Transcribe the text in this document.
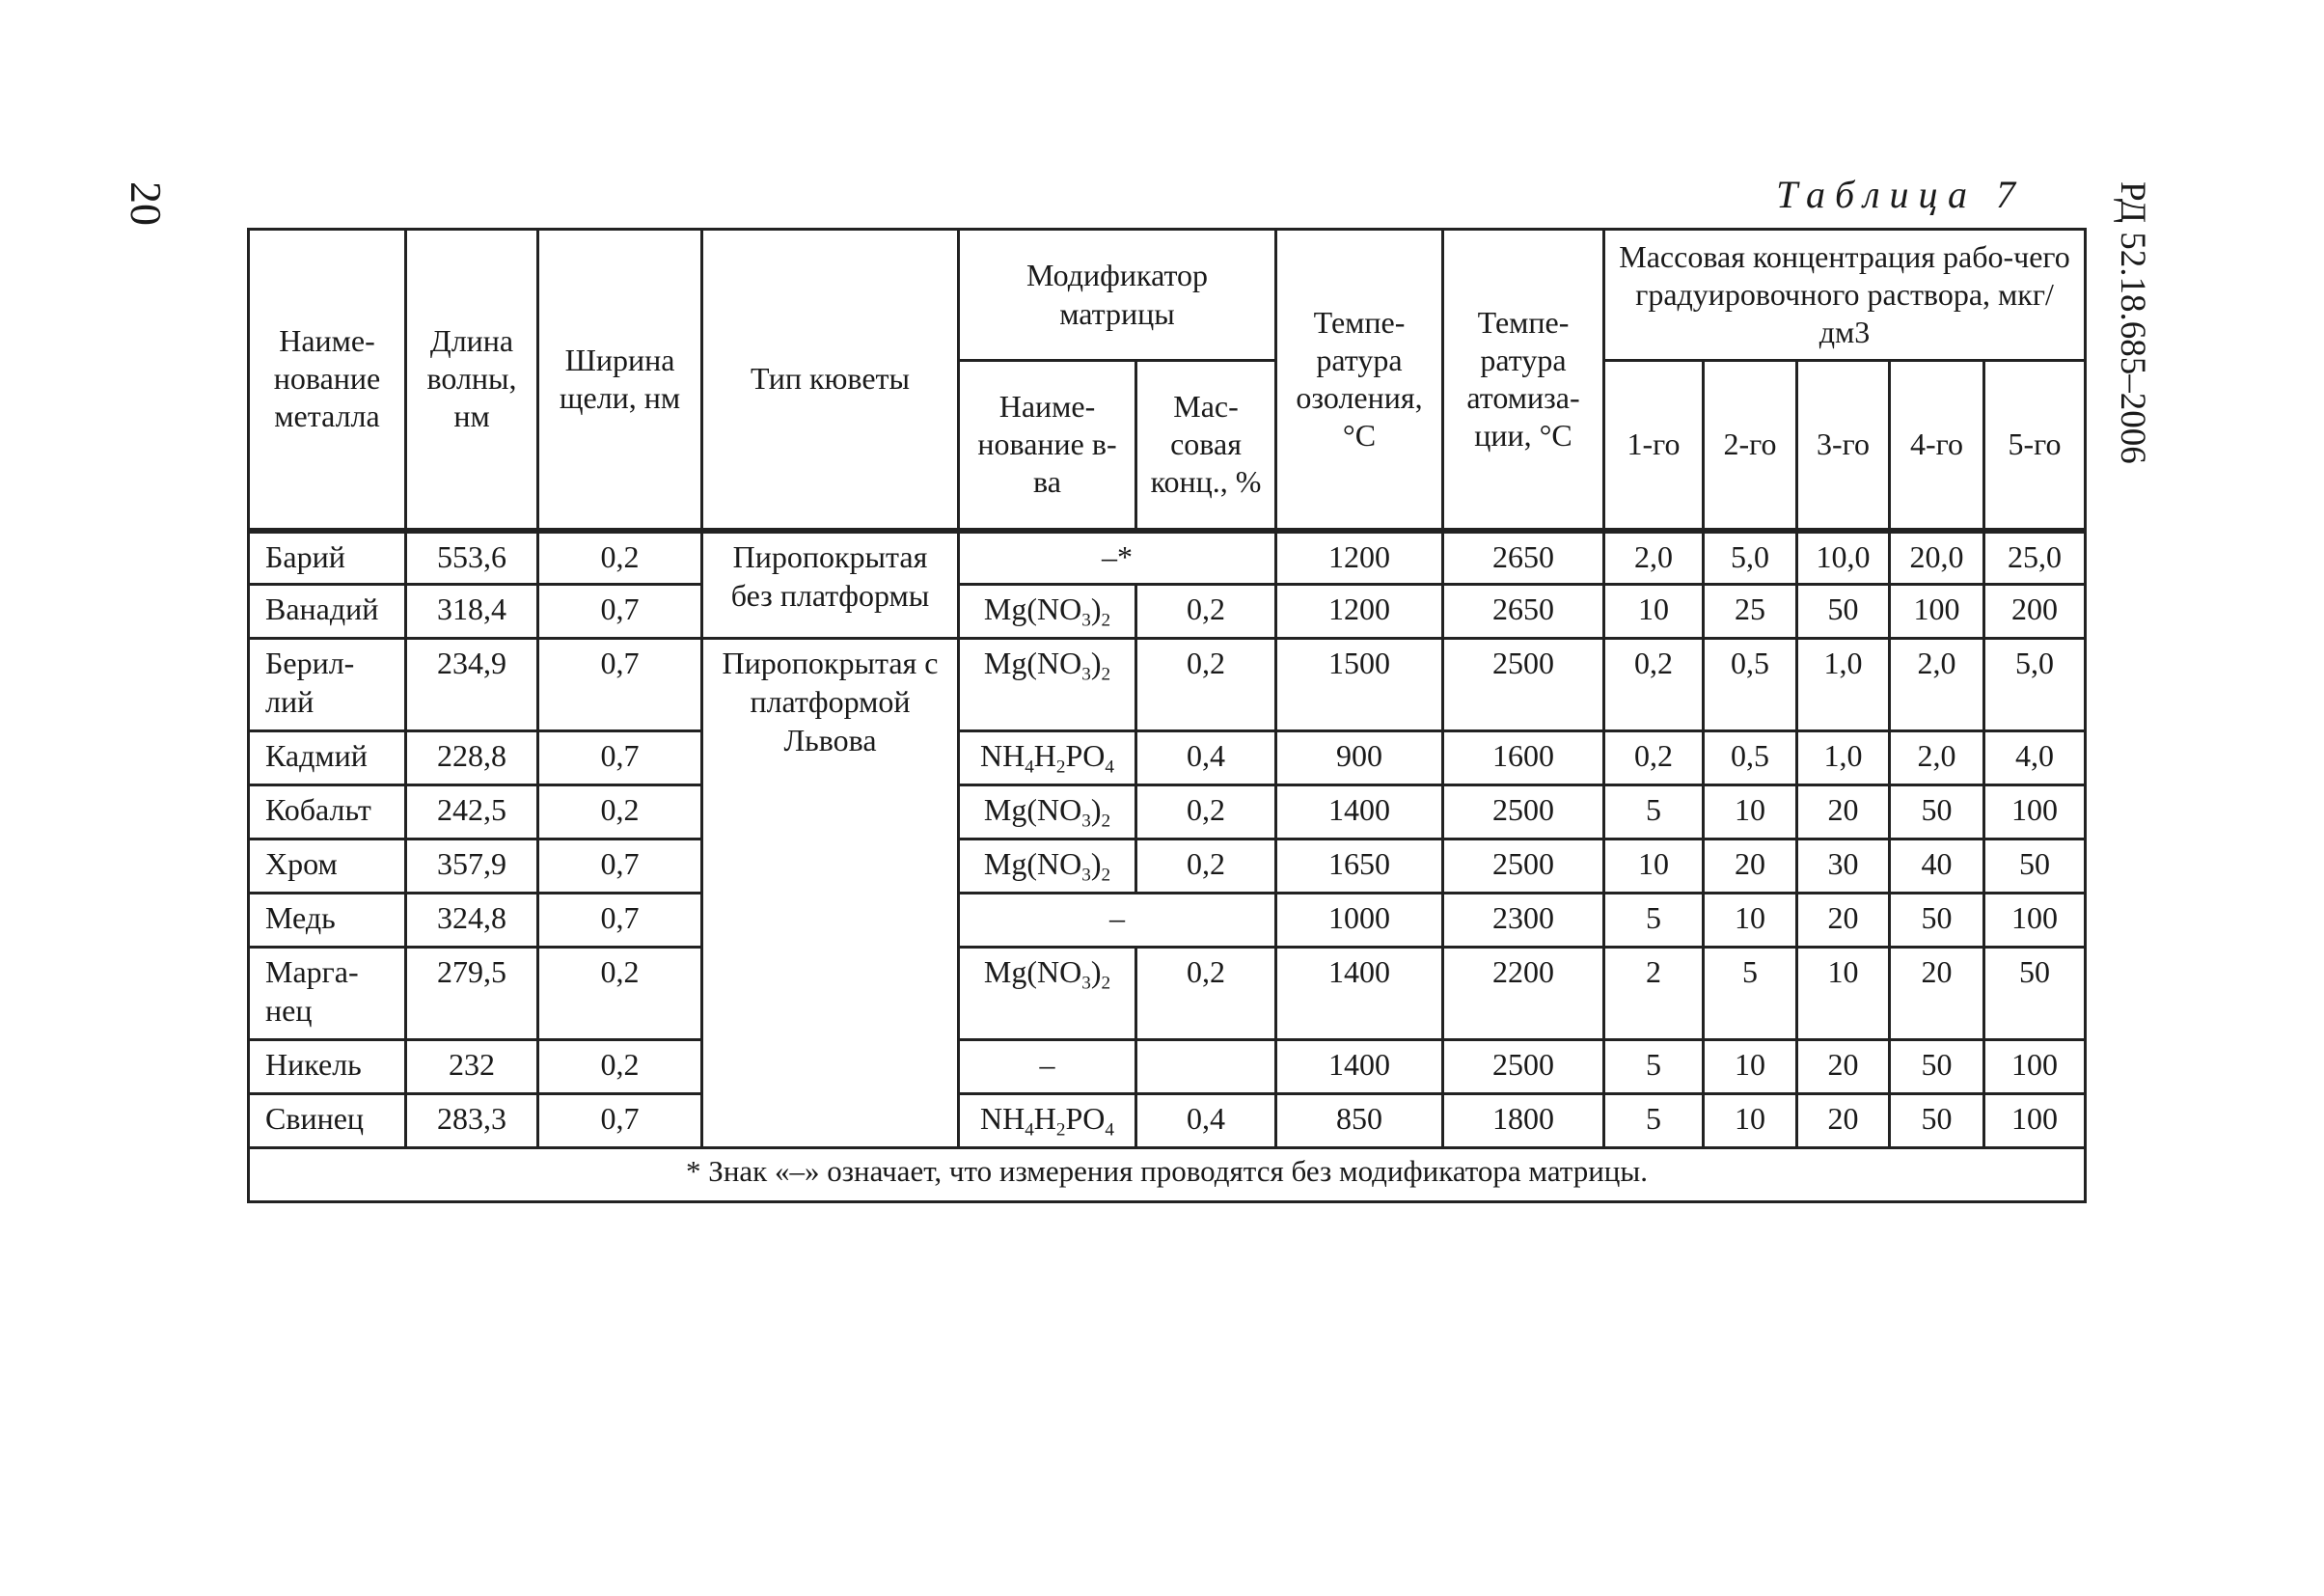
20	РД 52.18.685–2006
Таблица 7
Наиме-нование металла	Длина волны, нм	Ширина щели, нм	Тип кюветы	Модификатор матрицы		Темпе-ратура озоления, °С	Темпе-ратура атомиза-ции, °С	Массовая концентрация рабо-чего градуировочного раствора, мкг/дм3				
				Наиме-нование в-ва	Мас-совая конц., %			1-го	2-го	3-го	4-го	5-го
Барий	553,6	0,2	Пиропокрытая без платформы	–*		1200	2650	2,0	5,0	10,0	20,0	25,0
Ванадий	318,4	0,7		$Mg(NO_3)_2$	0,2	1200	2650	10	25	50	100	200
Берил-лий	234,9	0,7	Пиропокрытая с платформой Львова	$Mg(NO_3)_2$	0,2	1500	2500	0,2	0,5	1,0	2,0	5,0
Кадмий	228,8	0,7		$NH_4H_2PO_4$	0,4	900	1600	0,2	0,5	1,0	2,0	4,0
Кобальт	242,5	0,2		$Mg(NO_3)_2$	0,2	1400	2500	5	10	20	50	100
Хром	357,9	0,7		$Mg(NO_3)_2$	0,2	1650	2500	10	20	30	40	50
Медь	324,8	0,7		–		1000	2300	5	10	20	50	100
Марга-нец	279,5	0,2		$Mg(NO_3)_2$	0,2	1400	2200	2	5	10	20	50
Никель	232	0,2		–		1400	2500	5	10	20	50	100
Свинец	283,3	0,7		$NH_4H_2PO_4$	0,4	850	1800	5	10	20	50	100
* Знак «–» означает, что измерения проводятся без модификатора матрицы.												
